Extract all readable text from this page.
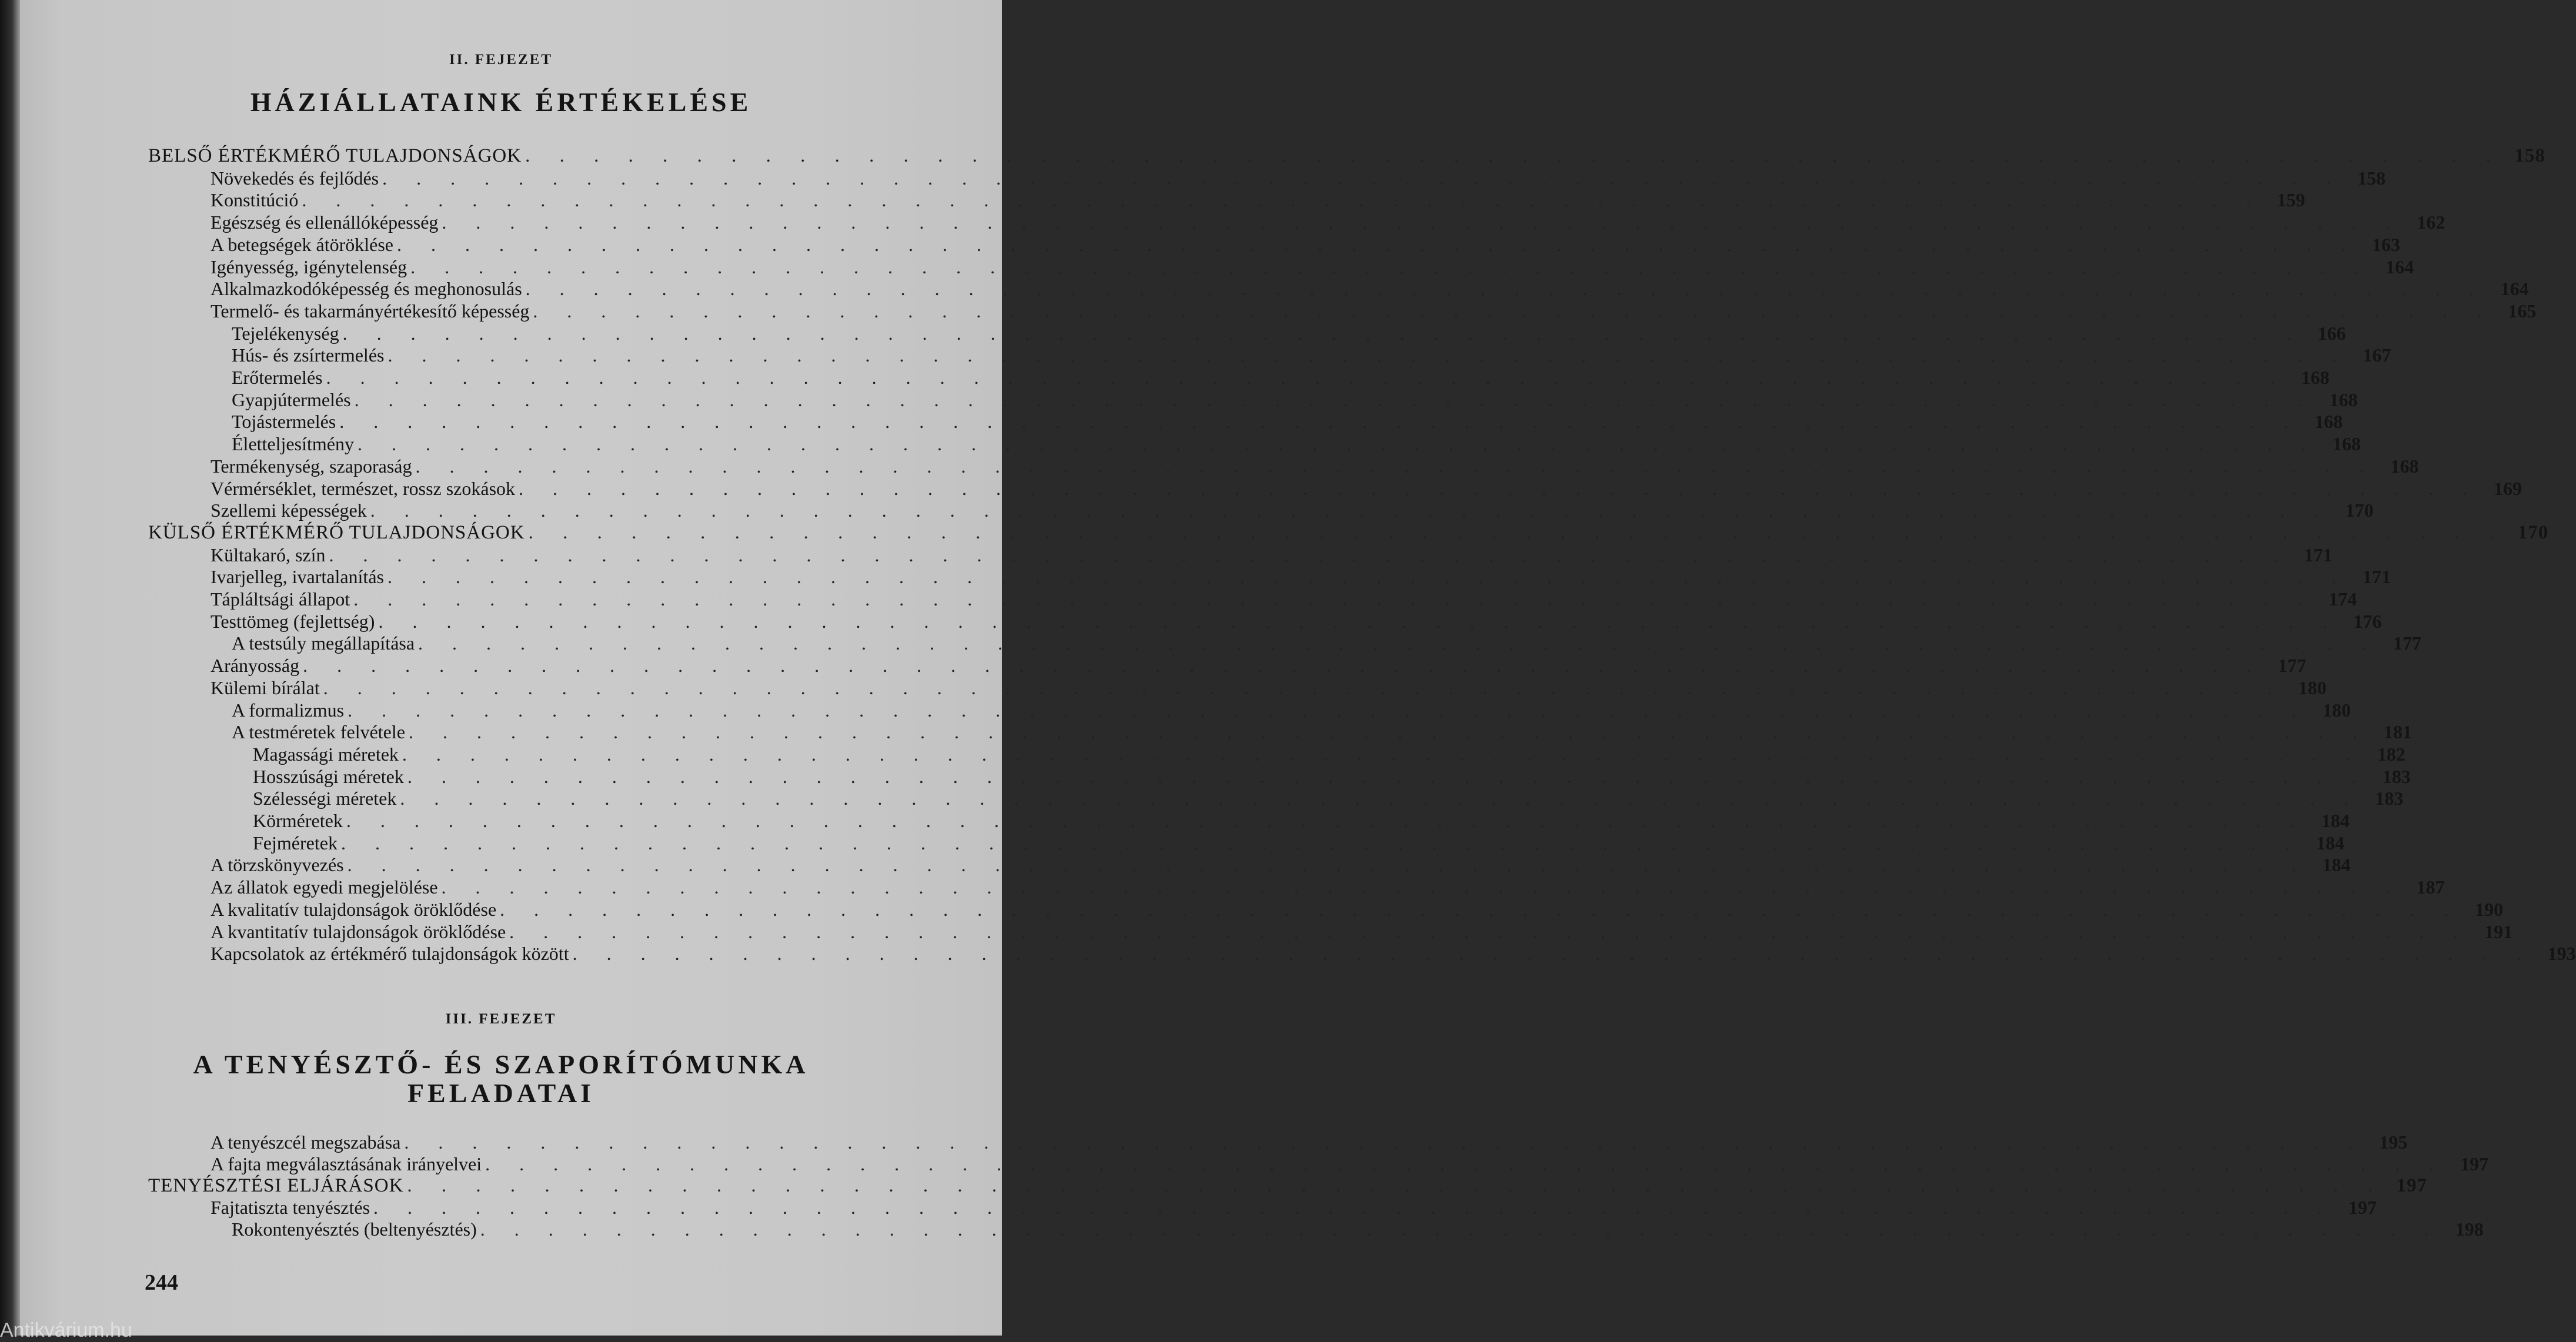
II. FEJEZET
HÁZIÁLLATAINK ÉRTÉKELÉSE
BELSŐ ÉRTÉKMÉRŐ TULAJDONSÁGOK . . . . . . . . . . . . . . . . . . . . . . . . . . . . . . . . . . . . . . . . . . . . . . . . . . . . . . . . . . 158
Növekedés és fejlődés . . . . . . . . . . . . . . . . . . . . . . . . . . . . . . . . . . . . . . . . . . . . . . . . . . . . . . . . . . 158
Konstitúció . . . . . . . . . . . . . . . . . . . . . . . . . . . . . . . . . . . . . . . . . . . . . . . . . . . . . . . . . . 159
Egészség és ellenállóképesség . . . . . . . . . . . . . . . . . . . . . . . . . . . . . . . . . . . . . . . . . . . . . . . . . . . . . . . . . . 162
A betegségek átöröklése . . . . . . . . . . . . . . . . . . . . . . . . . . . . . . . . . . . . . . . . . . . . . . . . . . . . . . . . . . 163
Igényesség, igénytelenség . . . . . . . . . . . . . . . . . . . . . . . . . . . . . . . . . . . . . . . . . . . . . . . . . . . . . . . . . . 164
Alkalmazkodóképesség és meghonosulás . . . . . . . . . . . . . . . . . . . . . . . . . . . . . . . . . . . . . . . . . . . . . . . . . . . . . . . . . . 164
Termelő- és takarmányértékesítő képesség . . . . . . . . . . . . . . . . . . . . . . . . . . . . . . . . . . . . . . . . . . . . . . . . . . . . . . . . . . 165
Tejelékenység . . . . . . . . . . . . . . . . . . . . . . . . . . . . . . . . . . . . . . . . . . . . . . . . . . . . . . . . . . 166
Hús- és zsírtermelés . . . . . . . . . . . . . . . . . . . . . . . . . . . . . . . . . . . . . . . . . . . . . . . . . . . . . . . . . . 167
Erőtermelés . . . . . . . . . . . . . . . . . . . . . . . . . . . . . . . . . . . . . . . . . . . . . . . . . . . . . . . . . . 168
Gyapjútermelés . . . . . . . . . . . . . . . . . . . . . . . . . . . . . . . . . . . . . . . . . . . . . . . . . . . . . . . . . . 168
Tojástermelés . . . . . . . . . . . . . . . . . . . . . . . . . . . . . . . . . . . . . . . . . . . . . . . . . . . . . . . . . . 168
Életteljesítmény . . . . . . . . . . . . . . . . . . . . . . . . . . . . . . . . . . . . . . . . . . . . . . . . . . . . . . . . . . 168
Termékenység, szaporaság . . . . . . . . . . . . . . . . . . . . . . . . . . . . . . . . . . . . . . . . . . . . . . . . . . . . . . . . . . 168
Vérmérséklet, természet, rossz szokások . . . . . . . . . . . . . . . . . . . . . . . . . . . . . . . . . . . . . . . . . . . . . . . . . . . . . . . . . . 169
Szellemi képességek . . . . . . . . . . . . . . . . . . . . . . . . . . . . . . . . . . . . . . . . . . . . . . . . . . . . . . . . . . 170
KÜLSŐ ÉRTÉKMÉRŐ TULAJDONSÁGOK . . . . . . . . . . . . . . . . . . . . . . . . . . . . . . . . . . . . . . . . . . . . . . . . . . . . . . . . . . 170
Kültakaró, szín . . . . . . . . . . . . . . . . . . . . . . . . . . . . . . . . . . . . . . . . . . . . . . . . . . . . . . . . . . 171
Ivarjelleg, ivartalanítás . . . . . . . . . . . . . . . . . . . . . . . . . . . . . . . . . . . . . . . . . . . . . . . . . . . . . . . . . . 171
Tápláltsági állapot . . . . . . . . . . . . . . . . . . . . . . . . . . . . . . . . . . . . . . . . . . . . . . . . . . . . . . . . . . 174
Testtömeg (fejlettség) . . . . . . . . . . . . . . . . . . . . . . . . . . . . . . . . . . . . . . . . . . . . . . . . . . . . . . . . . . 176
A testsúly megállapítása . . . . . . . . . . . . . . . . . . . . . . . . . . . . . . . . . . . . . . . . . . . . . . . . . . . . . . . . . . 177
Arányosság . . . . . . . . . . . . . . . . . . . . . . . . . . . . . . . . . . . . . . . . . . . . . . . . . . . . . . . . . . 177
Külemi bírálat . . . . . . . . . . . . . . . . . . . . . . . . . . . . . . . . . . . . . . . . . . . . . . . . . . . . . . . . . . 180
A formalizmus . . . . . . . . . . . . . . . . . . . . . . . . . . . . . . . . . . . . . . . . . . . . . . . . . . . . . . . . . . 180
A testméretek felvétele . . . . . . . . . . . . . . . . . . . . . . . . . . . . . . . . . . . . . . . . . . . . . . . . . . . . . . . . . . 181
Magassági méretek . . . . . . . . . . . . . . . . . . . . . . . . . . . . . . . . . . . . . . . . . . . . . . . . . . . . . . . . . . 182
Hosszúsági méretek . . . . . . . . . . . . . . . . . . . . . . . . . . . . . . . . . . . . . . . . . . . . . . . . . . . . . . . . . . 183
Szélességi méretek . . . . . . . . . . . . . . . . . . . . . . . . . . . . . . . . . . . . . . . . . . . . . . . . . . . . . . . . . . 183
Körméretek . . . . . . . . . . . . . . . . . . . . . . . . . . . . . . . . . . . . . . . . . . . . . . . . . . . . . . . . . . 184
Fejméretek . . . . . . . . . . . . . . . . . . . . . . . . . . . . . . . . . . . . . . . . . . . . . . . . . . . . . . . . . . 184
A törzskönyvezés . . . . . . . . . . . . . . . . . . . . . . . . . . . . . . . . . . . . . . . . . . . . . . . . . . . . . . . . . . 184
Az állatok egyedi megjelölése . . . . . . . . . . . . . . . . . . . . . . . . . . . . . . . . . . . . . . . . . . . . . . . . . . . . . . . . . . 187
A kvalitatív tulajdonságok öröklődése . . . . . . . . . . . . . . . . . . . . . . . . . . . . . . . . . . . . . . . . . . . . . . . . . . . . . . . . . . 190
A kvantitatív tulajdonságok öröklődése . . . . . . . . . . . . . . . . . . . . . . . . . . . . . . . . . . . . . . . . . . . . . . . . . . . . . . . . . . 191
Kapcsolatok az értékmérő tulajdonságok között . . . . . . . . . . . . . . . . . . . . . . . . . . . . . . . . . . . . . . . . . . . . . . . . . . . . . . . . . . 193
III. FEJEZET
A TENYÉSZTŐ- ÉS SZAPORÍTÓMUNKA
FELADATAI
A tenyészcél megszabása . . . . . . . . . . . . . . . . . . . . . . . . . . . . . . . . . . . . . . . . . . . . . . . . . . . . . . . . . . 195
A fajta megválasztásának irányelvei . . . . . . . . . . . . . . . . . . . . . . . . . . . . . . . . . . . . . . . . . . . . . . . . . . . . . . . . . . 197
TENYÉSZTÉSI ELJÁRÁSOK . . . . . . . . . . . . . . . . . . . . . . . . . . . . . . . . . . . . . . . . . . . . . . . . . . . . . . . . . . 197
Fajtatiszta tenyésztés . . . . . . . . . . . . . . . . . . . . . . . . . . . . . . . . . . . . . . . . . . . . . . . . . . . . . . . . . . 197
Rokontenyésztés (beltenyésztés) . . . . . . . . . . . . . . . . . . . . . . . . . . . . . . . . . . . . . . . . . . . . . . . . . . . . . . . . . . 198
244
Antikvárium.hu
